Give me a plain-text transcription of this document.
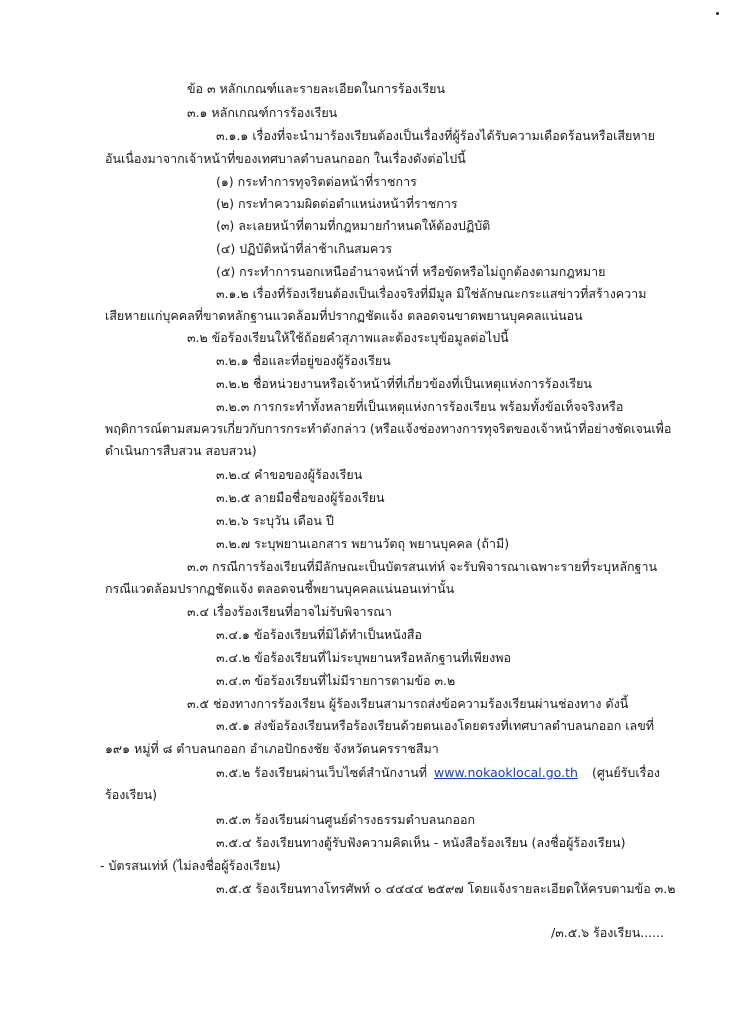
ข้อ ๓ หลักเกณฑ์และรายละเอียดในการร้องเรียน
๓.๑ หลักเกณฑ์การร้องเรียน
๓.๑.๑ เรื่องที่จะนำมาร้องเรียนต้องเป็นเรื่องที่ผู้ร้องได้รับความเดือดร้อนหรือเสียหาย
อันเนื่องมาจากเจ้าหน้าที่ของเทศบาลตำบลนกออก ในเรื่องดังต่อไปนี้
(๑) กระทำการทุจริตต่อหน้าที่ราชการ
(๒) กระทำความผิดต่อตำแหน่งหน้าที่ราชการ
(๓) ละเลยหน้าที่ตามที่กฎหมายกำหนดให้ต้องปฏิบัติ
(๔) ปฏิบัติหน้าที่ล่าช้าเกินสมควร
(๕) กระทำการนอกเหนืออำนาจหน้าที่ หรือขัดหรือไม่ถูกต้องตามกฎหมาย
๓.๑.๒ เรื่องที่ร้องเรียนต้องเป็นเรื่องจริงที่มีมูล มิใช่ลักษณะกระแสข่าวที่สร้างความ
เสียหายแก่บุคคลที่ขาดหลักฐานแวดล้อมที่ปรากฏชัดแจ้ง ตลอดจนขาดพยานบุคคลแน่นอน
๓.๒ ข้อร้องเรียนให้ใช้ถ้อยคำสุภาพและต้องระบุข้อมูลต่อไปนี้
๓.๒.๑ ชื่อและที่อยู่ของผู้ร้องเรียน
๓.๒.๒ ชื่อหน่วยงานหรือเจ้าหน้าที่ที่เกี่ยวข้องที่เป็นเหตุแห่งการร้องเรียน
๓.๒.๓ การกระทำทั้งหลายที่เป็นเหตุแห่งการร้องเรียน พร้อมทั้งข้อเท็จจริงหรือ
พฤติการณ์ตามสมควรเกี่ยวกับการกระทำดังกล่าว (หรือแจ้งช่องทางการทุจริตของเจ้าหน้าที่อย่างชัดเจนเพื่อ
ดำเนินการสืบสวน สอบสวน)
๓.๒.๔ คำขอของผู้ร้องเรียน
๓.๒.๕ ลายมือชื่อของผู้ร้องเรียน
๓.๒.๖ ระบุวัน เดือน ปี
๓.๒.๗ ระบุพยานเอกสาร พยานวัตถุ พยานบุคคล (ถ้ามี)
๓.๓ กรณีการร้องเรียนที่มีลักษณะเป็นบัตรสนเท่ห์ จะรับพิจารณาเฉพาะรายที่ระบุหลักฐาน
กรณีแวดล้อมปรากฏชัดแจ้ง ตลอดจนชี้พยานบุคคลแน่นอนเท่านั้น
๓.๔ เรื่องร้องเรียนที่อาจไม่รับพิจารณา
๓.๔.๑ ข้อร้องเรียนที่มิได้ทำเป็นหนังสือ
๓.๔.๒ ข้อร้องเรียนที่ไม่ระบุพยานหรือหลักฐานที่เพียงพอ
๓.๔.๓ ข้อร้องเรียนที่ไม่มีรายการตามข้อ ๓.๒
๓.๕ ช่องทางการร้องเรียน ผู้ร้องเรียนสามารถส่งข้อความร้องเรียนผ่านช่องทาง ดังนี้
๓.๕.๑ ส่งข้อร้องเรียนหรือร้องเรียนด้วยตนเองโดยตรงที่เทศบาลตำบลนกออก เลขที่
๑๙๑ หมู่ที่ ๘ ตำบลนกออก อำเภอปักธงชัย จังหวัดนครราชสีมา
๓.๕.๒ ร้องเรียนผ่านเว็บไซต์สำนักงานที่ www.nokaoklocal.go.th (ศูนย์รับเรื่อง
ร้องเรียน)
๓.๕.๓ ร้องเรียนผ่านศูนย์ดำรงธรรมตำบลนกออก
๓.๕.๔ ร้องเรียนทางตู้รับฟังความคิดเห็น - หนังสือร้องเรียน (ลงชื่อผู้ร้องเรียน)
- บัตรสนเท่ห์ (ไม่ลงชื่อผู้ร้องเรียน)
๓.๕.๕ ร้องเรียนทางโทรศัพท์ ๐ ๔๔๔๔ ๒๕๙๗ โดยแจ้งรายละเอียดให้ครบตามข้อ ๓.๒
/๓.๕.๖ ร้องเรียน......
